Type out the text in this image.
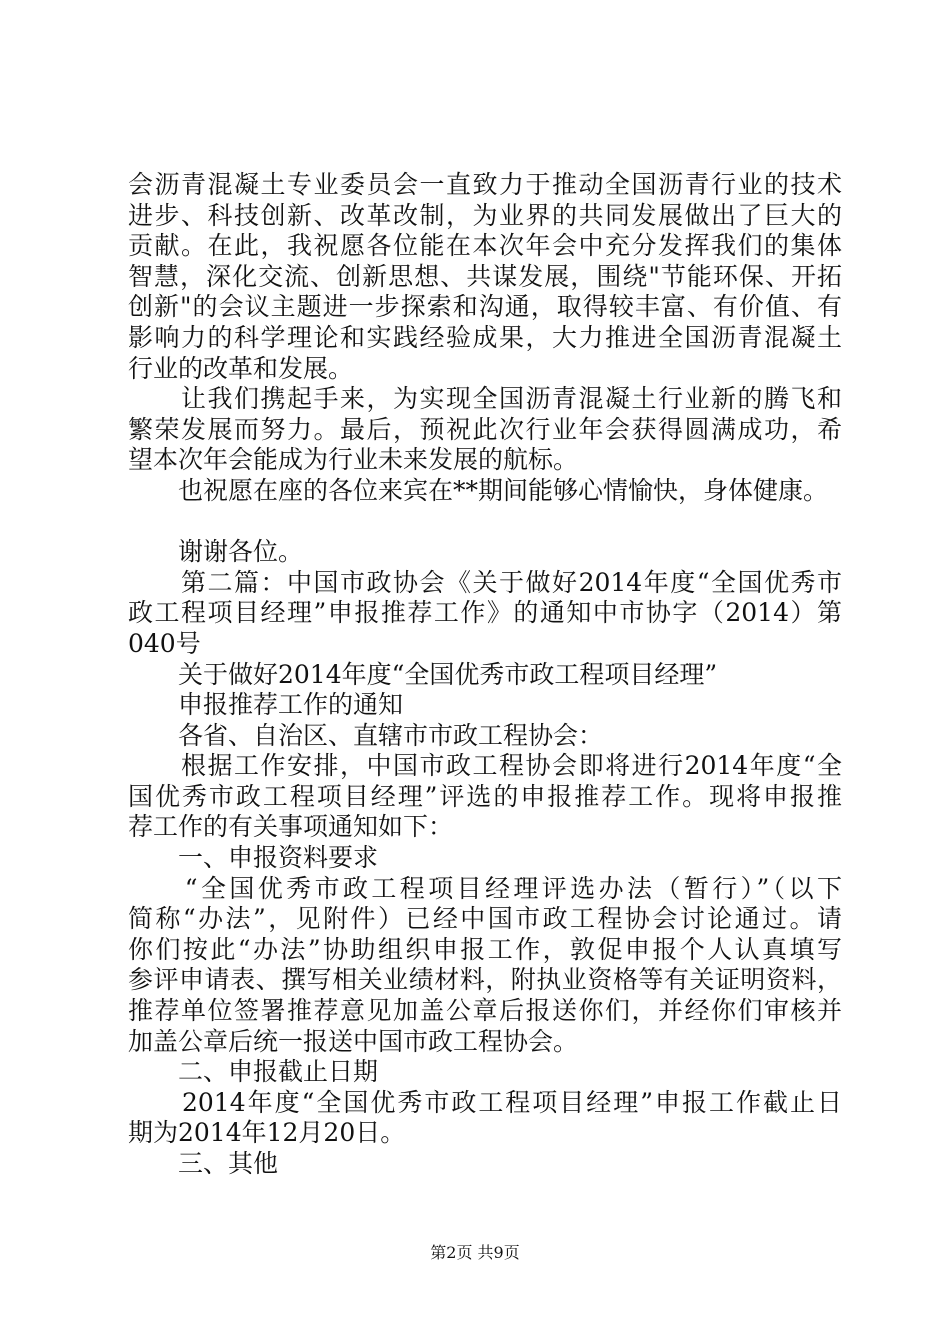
会沥青混凝土专业委员会一直致力于推动全国沥青行业的技术
进步、科技创新、改革改制，为业界的共同发展做出了巨大的
贡献。在此，我祝愿各位能在本次年会中充分发挥我们的集体
智慧，深化交流、创新思想、共谋发展，围绕"节能环保、开拓
创新"的会议主题进一步探索和沟通，取得较丰富、有价值、有
影响力的科学理论和实践经验成果，大力推进全国沥青混凝土
行业的改革和发展。
　　让我们携起手来，为实现全国沥青混凝土行业新的腾飞和
繁荣发展而努力。最后，预祝此次行业年会获得圆满成功，希
望本次年会能成为行业未来发展的航标。
　　也祝愿在座的各位来宾在**期间能够心情愉快，身体健康。
　　谢谢各位。
　　第二篇：中国市政协会《关于做好2014年度“全国优秀市
政工程项目经理”申报推荐工作》的通知中市协字（2014）第
040号
　　关于做好2014年度“全国优秀市政工程项目经理”
　　申报推荐工作的通知
　　各省、自治区、直辖市市政工程协会：
　　根据工作安排，中国市政工程协会即将进行2014年度“全
国优秀市政工程项目经理”评选的申报推荐工作。现将申报推
荐工作的有关事项通知如下：
　　一、申报资料要求
　　“全国优秀市政工程项目经理评选办法（暂行）”（以下
简称“办法”，见附件）已经中国市政工程协会讨论通过。请
你们按此“办法”协助组织申报工作，敦促申报个人认真填写
参评申请表、撰写相关业绩材料，附执业资格等有关证明资料，
推荐单位签署推荐意见加盖公章后报送你们，并经你们审核并
加盖公章后统一报送中国市政工程协会。
　　二、申报截止日期
　　2014年度“全国优秀市政工程项目经理”申报工作截止日
期为2014年12月20日。
　　三、其他
第2页 共9页
